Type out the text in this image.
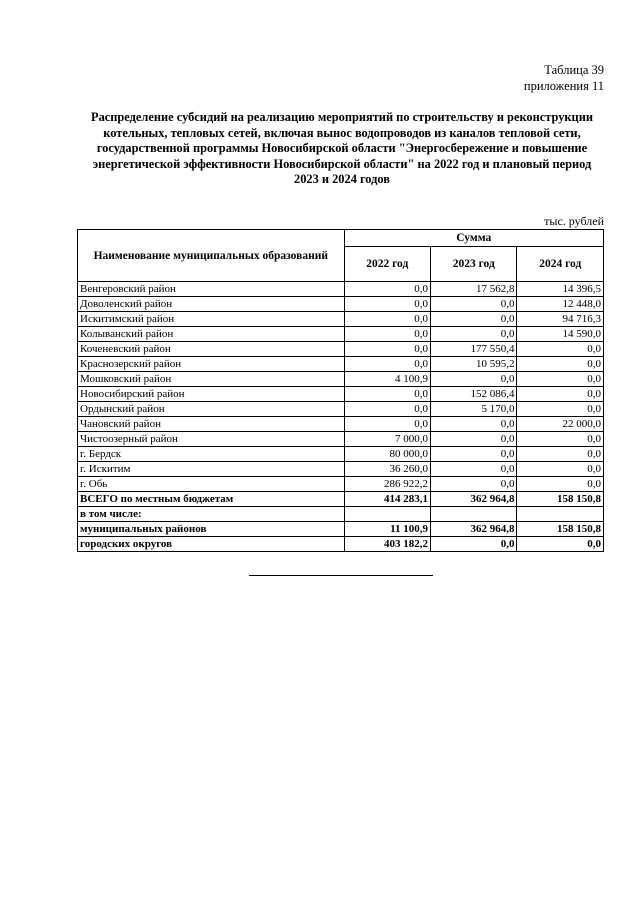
Таблица 39
приложения 11
Распределение субсидий на реализацию мероприятий по строительству и реконструкции котельных, тепловых сетей, включая вынос водопроводов из каналов тепловой сети, государственной программы Новосибирской области "Энергосбережение и повышение энергетической эффективности Новосибирской области" на 2022 год и плановый период 2023 и 2024 годов
тыс. рублей
Наименование муниципальных образований	Сумма		
	2022 год	2023 год	2024 год
Венгеровский район	0,0	17 562,8	14 396,5
Доволенский район	0,0	0,0	12 448,0
Искитимский район	0,0	0,0	94 716,3
Колыванский район	0,0	0,0	14 590,0
Коченевский район	0,0	177 550,4	0,0
Краснозерский район	0,0	10 595,2	0,0
Мошковский район	4 100,9	0,0	0,0
Новосибирский район	0,0	152 086,4	0,0
Ордынский район	0,0	5 170,0	0,0
Чановский район	0,0	0,0	22 000,0
Чистоозерный район	7 000,0	0,0	0,0
г. Бердск	80 000,0	0,0	0,0
г. Искитим	36 260,0	0,0	0,0
г. Обь	286 922,2	0,0	0,0
ВСЕГО по местным бюджетам	414 283,1	362 964,8	158 150,8
в том числе:			
муниципальных районов	11 100,9	362 964,8	158 150,8
городских округов	403 182,2	0,0	0,0
